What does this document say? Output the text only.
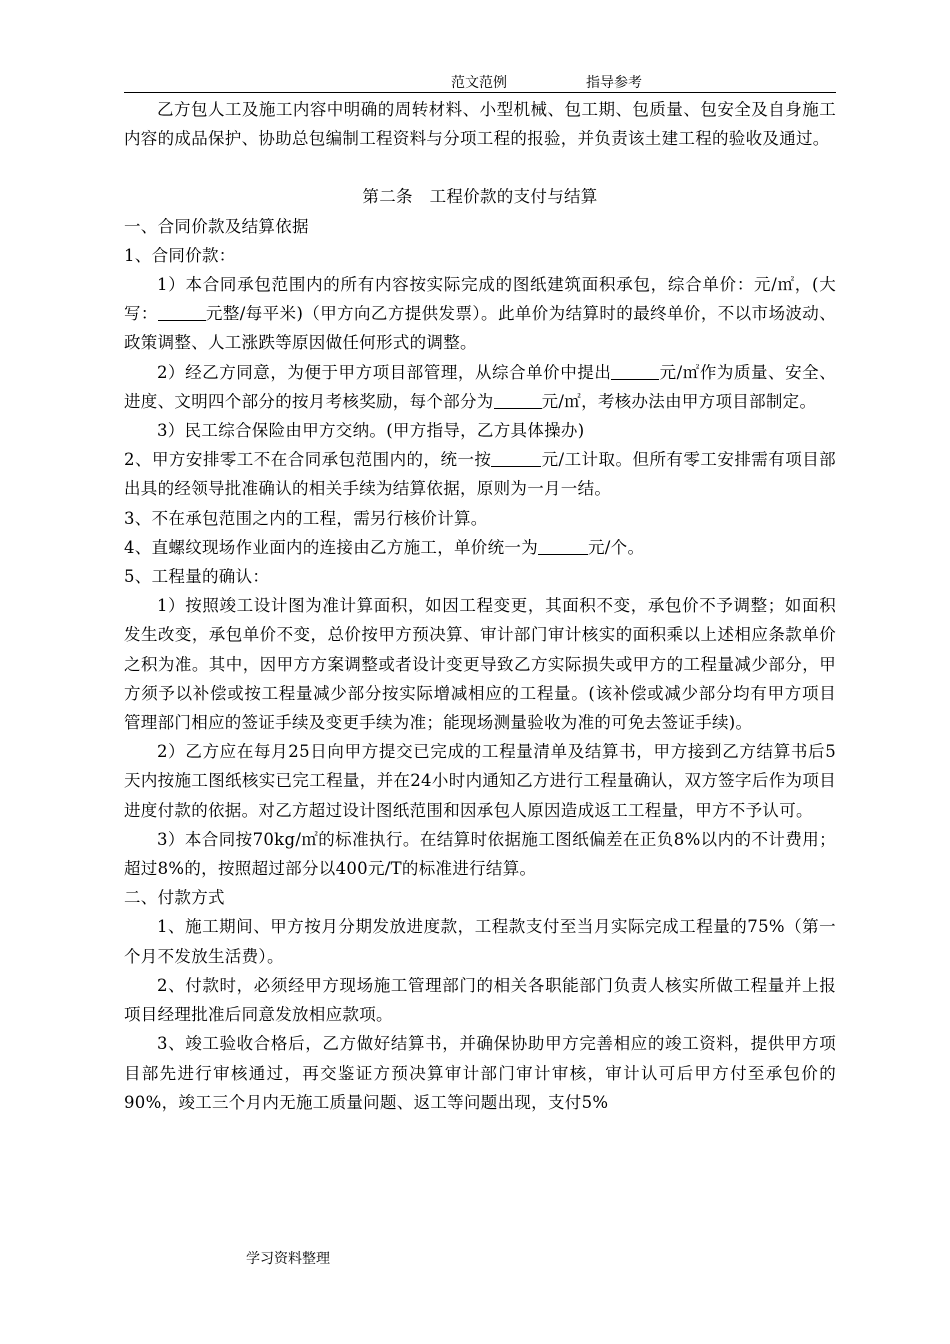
范文范例	指导参考

乙方包人工及施工内容中明确的周转材料、小型机械、包工期、包质量、包安全及自身施工内容的成品保护、协助总包编制工程资料与分项工程的报验，并负责该土建工程的验收及通过。

第二条　工程价款的支付与结算

一、合同价款及结算依据

1、合同价款：

1）本合同承包范围内的所有内容按实际完成的图纸建筑面积承包，综合单价：元/㎡，(大写：	元整/每平米)（甲方向乙方提供发票）。此单价为结算时的最终单价，不以市场波动、政策调整、人工涨跌等原因做任何形式的调整。

2）经乙方同意，为便于甲方项目部管理，从综合单价中提出	元/㎡作为质量、安全、进度、文明四个部分的按月考核奖励，每个部分为	元/㎡，考核办法由甲方项目部制定。

3）民工综合保险由甲方交纳。(甲方指导，乙方具体操办)

2、甲方安排零工不在合同承包范围内的，统一按	元/工计取。但所有零工安排需有项目部出具的经领导批准确认的相关手续为结算依据，原则为一月一结。

3、不在承包范围之内的工程，需另行核价计算。

4、直螺纹现场作业面内的连接由乙方施工，单价统一为	元/个。

5、工程量的确认：

1）按照竣工设计图为准计算面积，如因工程变更，其面积不变，承包价不予调整；如面积发生改变，承包单价不变，总价按甲方预决算、审计部门审计核实的面积乘以上述相应条款单价之积为准。其中，因甲方方案调整或者设计变更导致乙方实际损失或甲方的工程量减少部分，甲方须予以补偿或按工程量减少部分按实际增减相应的工程量。(该补偿或减少部分均有甲方项目管理部门相应的签证手续及变更手续为准；能现场测量验收为准的可免去签证手续)。

2）乙方应在每月25日向甲方提交已完成的工程量清单及结算书，甲方接到乙方结算书后5天内按施工图纸核实已完工程量，并在24小时内通知乙方进行工程量确认，双方签字后作为项目进度付款的依据。对乙方超过设计图纸范围和因承包人原因造成返工工程量，甲方不予认可。

3）本合同按70kg/㎡的标准执行。在结算时依据施工图纸偏差在正负8%以内的不计费用；超过8%的，按照超过部分以400元/T的标准进行结算。

二、付款方式

1、施工期间、甲方按月分期发放进度款，工程款支付至当月实际完成工程量的75%（第一个月不发放生活费）。

2、付款时，必须经甲方现场施工管理部门的相关各职能部门负责人核实所做工程量并上报项目经理批准后同意发放相应款项。

3、竣工验收合格后，乙方做好结算书，并确保协助甲方完善相应的竣工资料，提供甲方项目部先进行审核通过，再交鉴证方预决算审计部门审计审核，审计认可后甲方付至承包价的90%，竣工三个月内无施工质量问题、返工等问题出现，支付5%

学习资料整理
